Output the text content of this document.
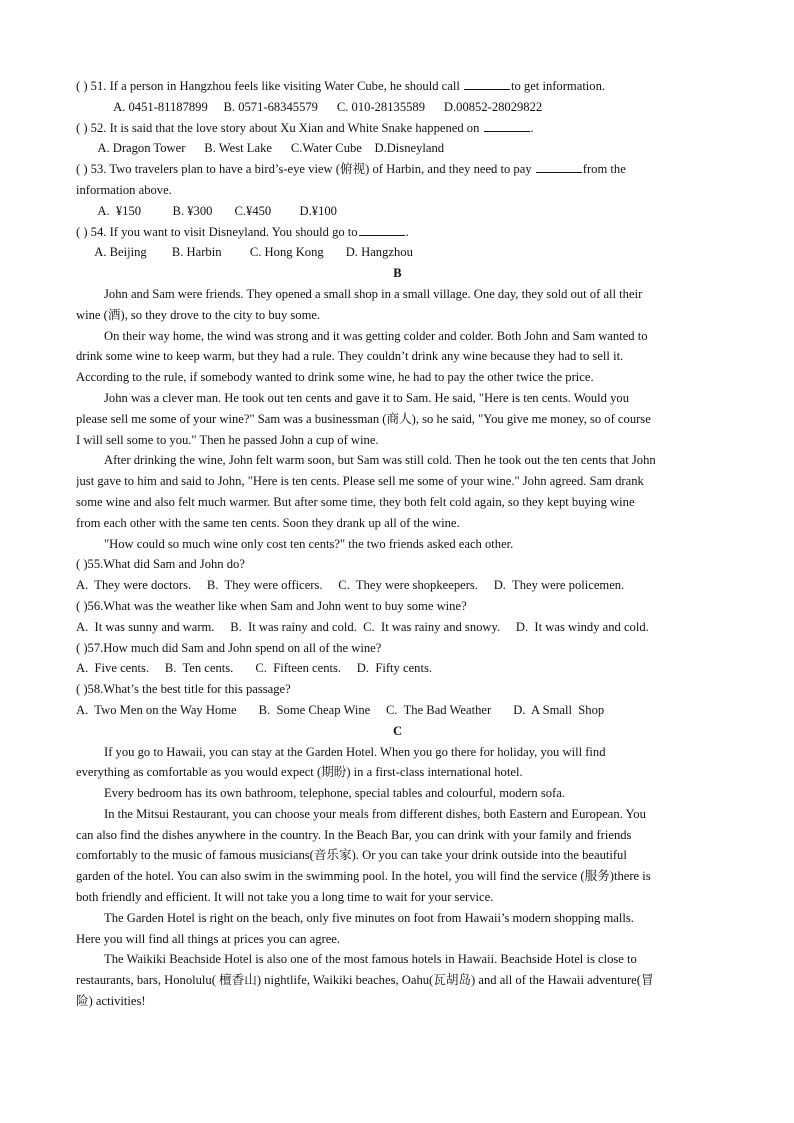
( ) 51. If a person in Hangzhou feels like visiting Water Cube, he should call	to get information.
A. 0451-81187899     B. 0571-68345579      C. 010-28135589      D.00852-28029822
( ) 52. It is said that the love story about Xu Xian and White Snake happened on	.
A. Dragon Tower      B. West Lake      C.Water Cube    D.Disneyland
( ) 53. Two travelers plan to have a bird’s-eye view (俯视) of Harbin, and they need to pay	from the
information above.
A.  ¥150          B. ¥300       C.¥450         D.¥100
( ) 54. If you want to visit Disneyland. You should go to	.
A. Beijing        B. Harbin         C. Hong Kong       D. Hangzhou
B
John and Sam were friends. They opened a small shop in a small village. One day, they sold out of all their
wine (酒), so they drove to the city to buy some.
On their way home, the wind was strong and it was getting colder and colder. Both John and Sam wanted to
drink some wine to keep warm, but they had a rule. They couldn’t drink any wine because they had to sell it.
According to the rule, if somebody wanted to drink some wine, he had to pay the other twice the price.
John was a clever man. He took out ten cents and gave it to Sam. He said, "Here is ten cents. Would you
please sell me some of your wine?" Sam was a businessman (商人), so he said, "You give me money, so of course
I will sell some to you." Then he passed John a cup of wine.
After drinking the wine, John felt warm soon, but Sam was still cold. Then he took out the ten cents that John
just gave to him and said to John, "Here is ten cents. Please sell me some of your wine." John agreed. Sam drank
some wine and also felt much warmer. But after some time, they both felt cold again, so they kept buying wine
from each other with the same ten cents. Soon they drank up all of the wine.
"How could so much wine only cost ten cents?" the two friends asked each other.
( )55.What did Sam and John do?
A.  They were doctors.     B.  They were officers.     C.  They were shopkeepers.     D.  They were policemen.
( )56.What was the weather like when Sam and John went to buy some wine?
A.  It was sunny and warm.     B.  It was rainy and cold.  C.  It was rainy and snowy.     D.  It was windy and cold.
( )57.How much did Sam and John spend on all of the wine?
A.  Five cents.     B.  Ten cents.       C.  Fifteen cents.     D.  Fifty cents.
( )58.What’s the best title for this passage?
A.  Two Men on the Way Home       B.  Some Cheap Wine     C.  The Bad Weather       D.  A Small  Shop
C
If you go to Hawaii, you can stay at the Garden Hotel. When you go there for holiday, you will find
everything as comfortable as you would expect (期盼) in a first-class international hotel.
Every bedroom has its own bathroom, telephone, special tables and colourful, modern sofa.
In the Mitsui Restaurant, you can choose your meals from different dishes, both Eastern and European. You
can also find the dishes anywhere in the country. In the Beach Bar, you can drink with your family and friends
comfortably to the music of famous musicians(音乐家). Or you can take your drink outside into the beautiful
garden of the hotel. You can also swim in the swimming pool. In the hotel, you will find the service (服务)there is
both friendly and efficient. It will not take you a long time to wait for your service.
The Garden Hotel is right on the beach, only five minutes on foot from Hawaii’s modern shopping malls.
Here you will find all things at prices you can agree.
The Waikiki Beachside Hotel is also one of the most famous hotels in Hawaii. Beachside Hotel is close to
restaurants, bars, Honolulu( 檀香山) nightlife, Waikiki beaches, Oahu(瓦胡岛) and all of the Hawaii adventure(冒
险) activities!
